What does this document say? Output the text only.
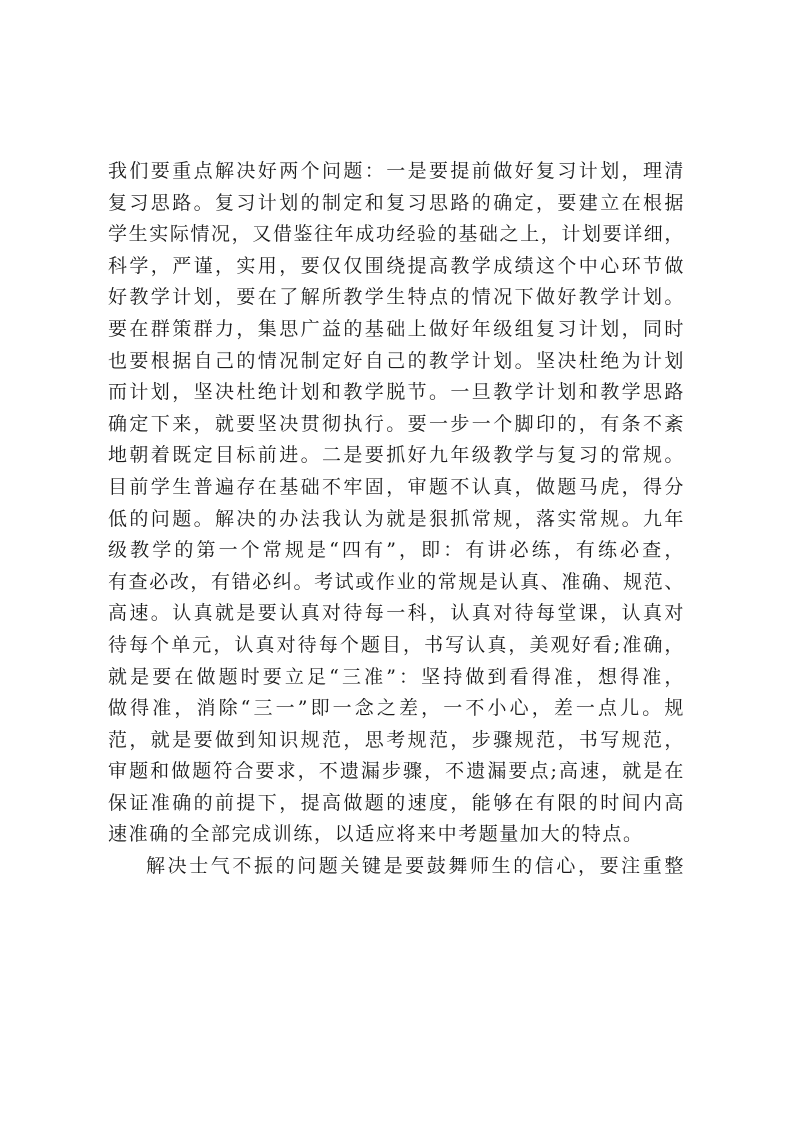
我们要重点解决好两个问题：一是要提前做好复习计划，理清
复习思路。复习计划的制定和复习思路的确定，要建立在根据
学生实际情况，又借鉴往年成功经验的基础之上，计划要详细，
科学，严谨，实用，要仅仅围绕提高教学成绩这个中心环节做
好教学计划，要在了解所教学生特点的情况下做好教学计划。
要在群策群力，集思广益的基础上做好年级组复习计划，同时
也要根据自己的情况制定好自己的教学计划。坚决杜绝为计划
而计划，坚决杜绝计划和教学脱节。一旦教学计划和教学思路
确定下来，就要坚决贯彻执行。要一步一个脚印的，有条不紊
地朝着既定目标前进。二是要抓好九年级教学与复习的常规。
目前学生普遍存在基础不牢固，审题不认真，做题马虎，得分
低的问题。解决的办法我认为就是狠抓常规，落实常规。九年
级教学的第一个常规是“四有”，即：有讲必练，有练必查，
有查必改，有错必纠。考试或作业的常规是认真、准确、规范、
高速。认真就是要认真对待每一科，认真对待每堂课，认真对
待每个单元，认真对待每个题目，书写认真，美观好看;准确，
就是要在做题时要立足“三准”：坚持做到看得准，想得准，
做得准，消除“三一”即一念之差，一不小心，差一点儿。规
范，就是要做到知识规范，思考规范，步骤规范，书写规范，
审题和做题符合要求，不遗漏步骤，不遗漏要点;高速，就是在
保证准确的前提下，提高做题的速度，能够在有限的时间内高
速准确的全部完成训练，以适应将来中考题量加大的特点。

解决士气不振的问题关键是要鼓舞师生的信心，要注重整
